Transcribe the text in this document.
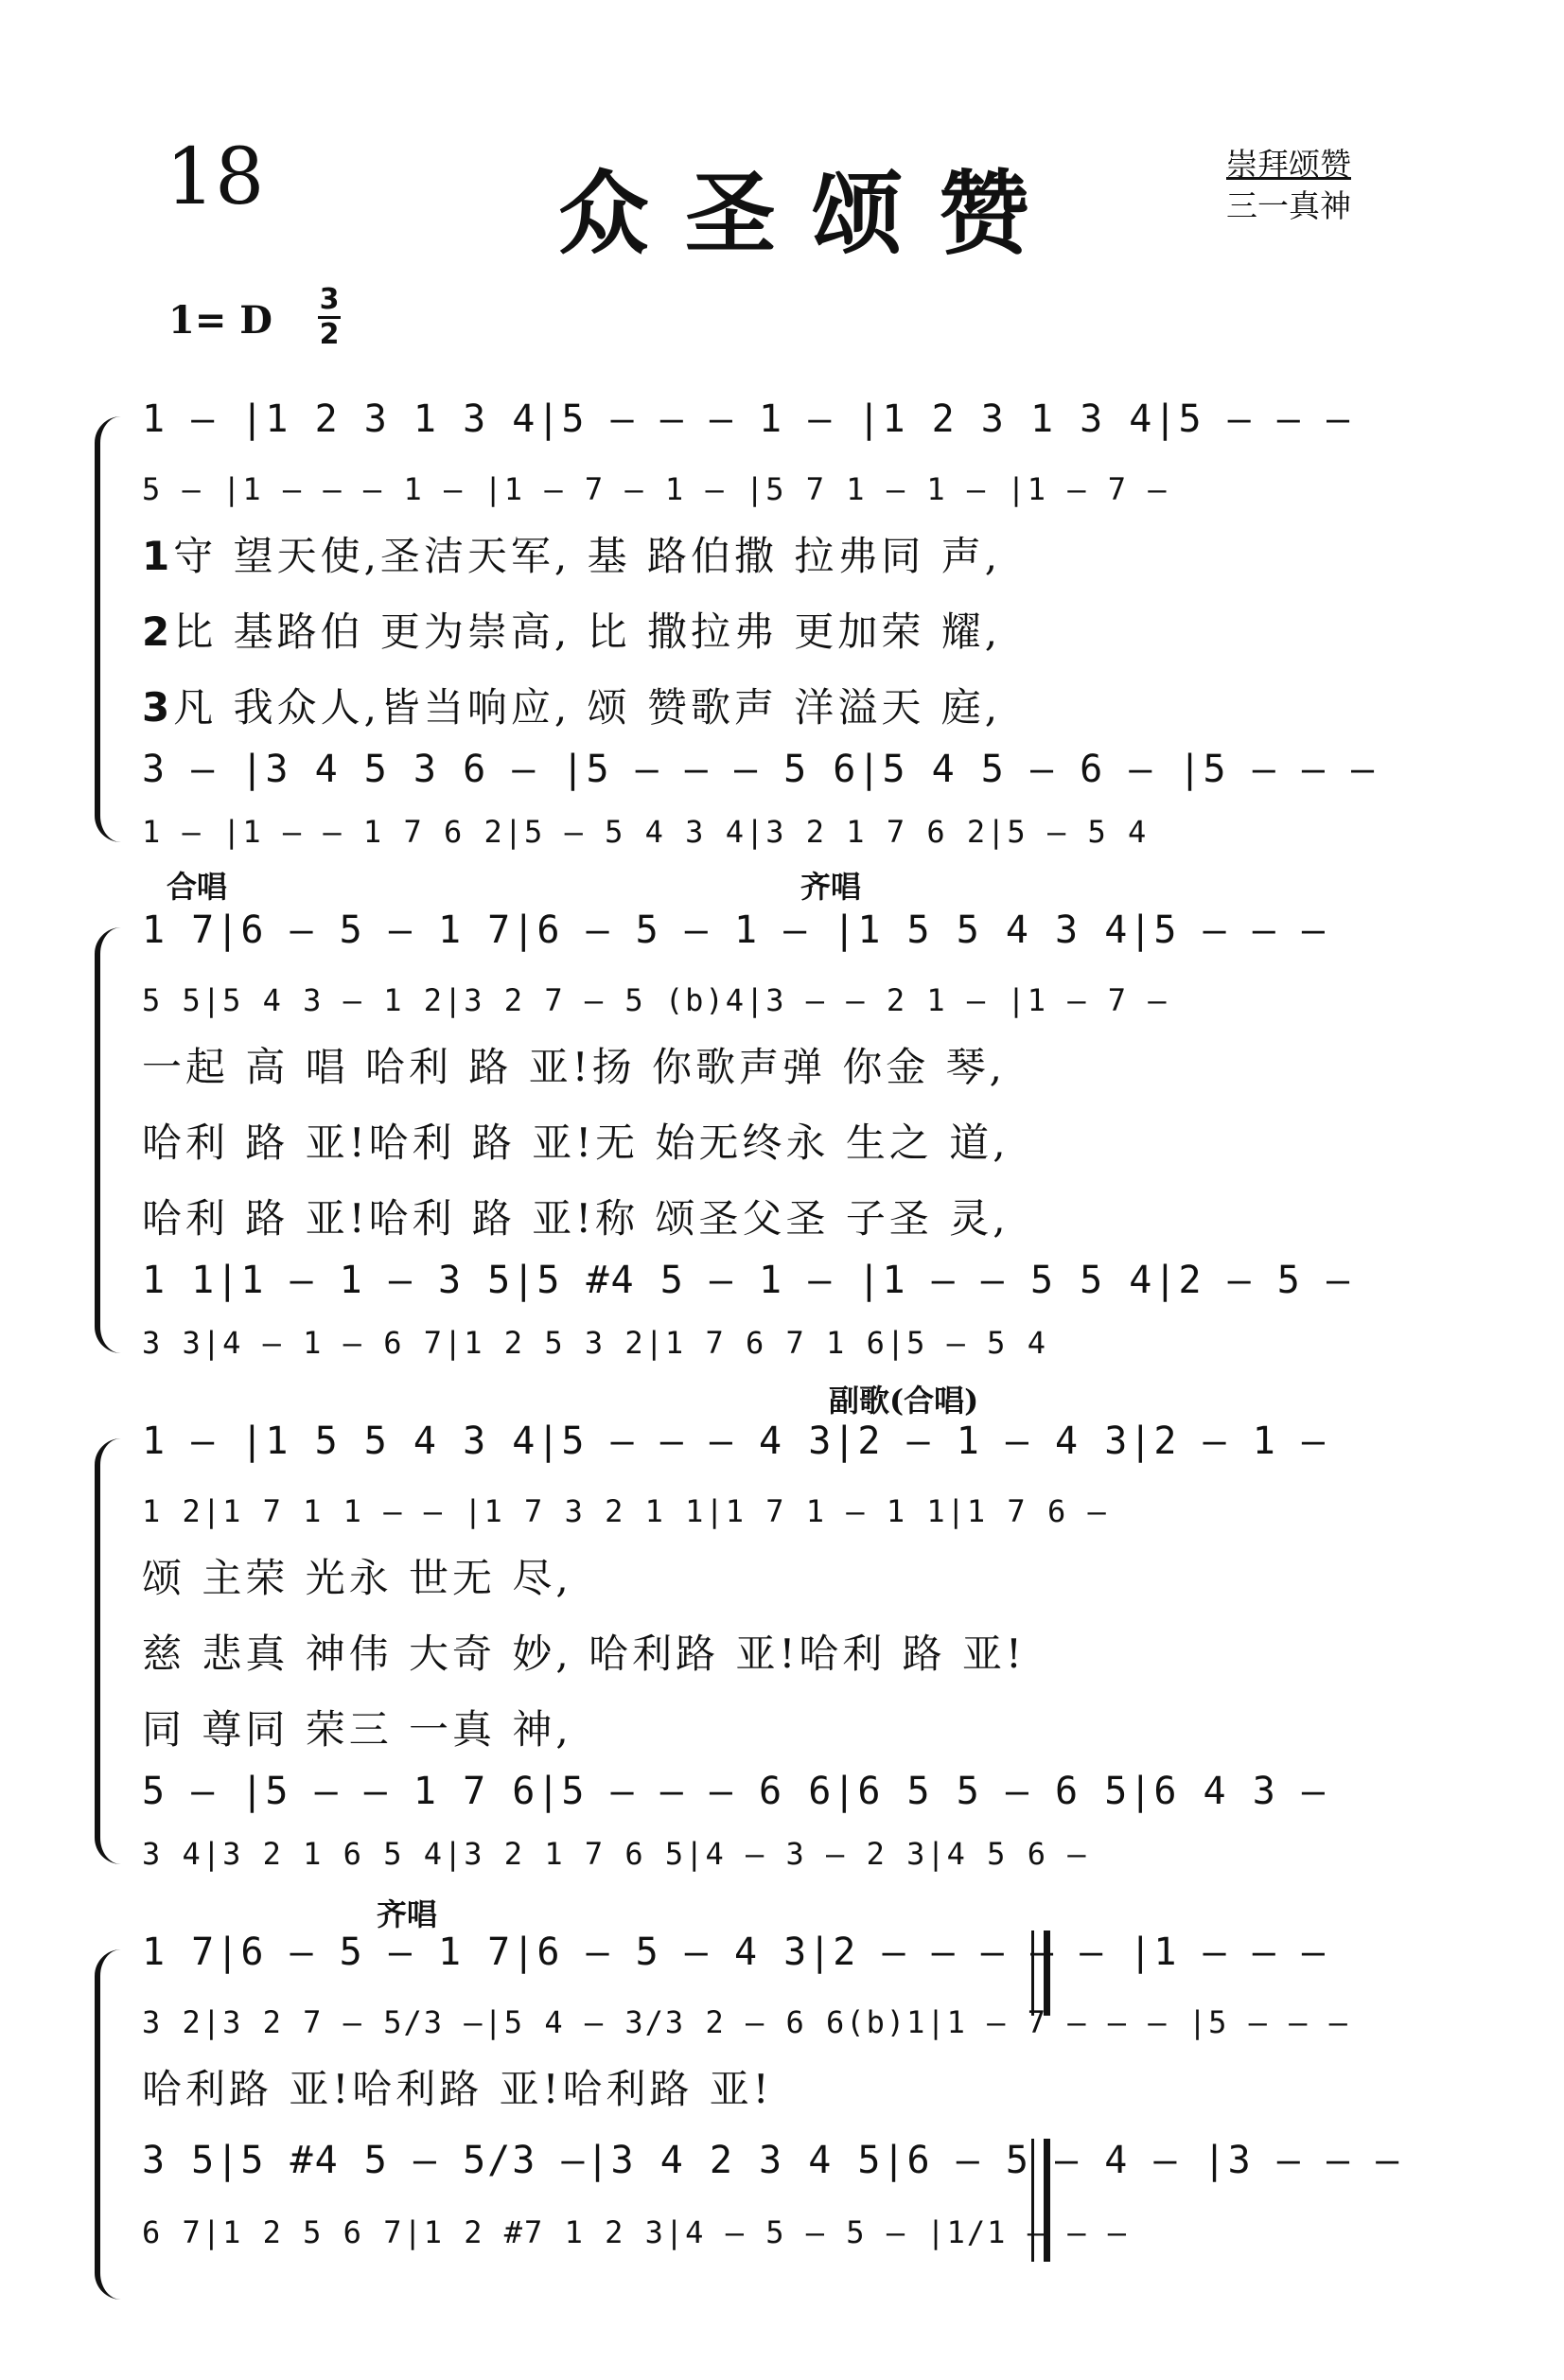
18	众圣颂赞	崇拜颂赞
三一真神
1= D 3
2
1 – |1 2 3 1 3 4|5 – – – 1 – |1 2 3 1 3 4|5 – – –
5 – |1 – – – 1 – |1 – 7 – 1 – |5 7 1 – 1 – |1 – 7 –
1守 望天使,圣洁天军, 基 路伯撒 拉弗同 声,
2比 基路伯 更为崇高, 比 撒拉弗 更加荣 耀,
3凡 我众人,皆当响应, 颂 赞歌声 洋溢天 庭,
3 – |3 4 5 3 6 – |5 – – – 5 6|5 4 5 – 6 – |5 – – –
1 – |1 – – 1 7 6 2|5 – 5 4 3 4|3 2 1 7 6 2|5 – 5 4
合唱	齐唱
1 7|6 – 5 – 1 7|6 – 5 – 1 – |1 5 5 4 3 4|5 – – –
5 5|5 4 3 – 1 2|3 2 7 – 5 (b)4|3 – – 2 1 – |1 – 7 –
一起 高 唱 哈利 路 亚!扬 你歌声弹 你金 琴,
哈利 路 亚!哈利 路 亚!无 始无终永 生之 道,
哈利 路 亚!哈利 路 亚!称 颂圣父圣 子圣 灵,
1 1|1 – 1 – 3 5|5 #4 5 – 1 – |1 – – 5 5 4|2 – 5 –
3 3|4 – 1 – 6 7|1 2 5 3 2|1 7 6 7 1 6|5 – 5 4
副歌(合唱)
1 – |1 5 5 4 3 4|5 – – – 4 3|2 – 1 – 4 3|2 – 1 –
1 2|1 7 1 1 – – |1 7 3 2 1 1|1 7 1 – 1 1|1 7 6 –
颂 主荣 光永 世无 尽,
慈 悲真 神伟 大奇 妙, 哈利路 亚!哈利 路 亚!
同 尊同 荣三 一真 神,
5 – |5 – – 1 7 6|5 – – – 6 6|6 5 5 – 6 5|6 4 3 –
3 4|3 2 1 6 5 4|3 2 1 7 6 5|4 – 3 – 2 3|4 5 6 –
齐唱
1 7|6 – 5 – 1 7|6 – 5 – 4 3|2 – – – – – |1 – – –
3 2|3 2 7 – 5/3 –|5 4 – 3/3 2 – 6 6(b)1|1 – 7 – – – |5 – – –
哈利路 亚!哈利路 亚!哈利路 亚!
3 5|5 #4 5 – 5/3 –|3 4 2 3 4 5|6 – 5 – 4 – |3 – – –
6 7|1 2 5 6 7|1 2 #7 1 2 3|4 – 5 – 5 – |1/1 – – –
